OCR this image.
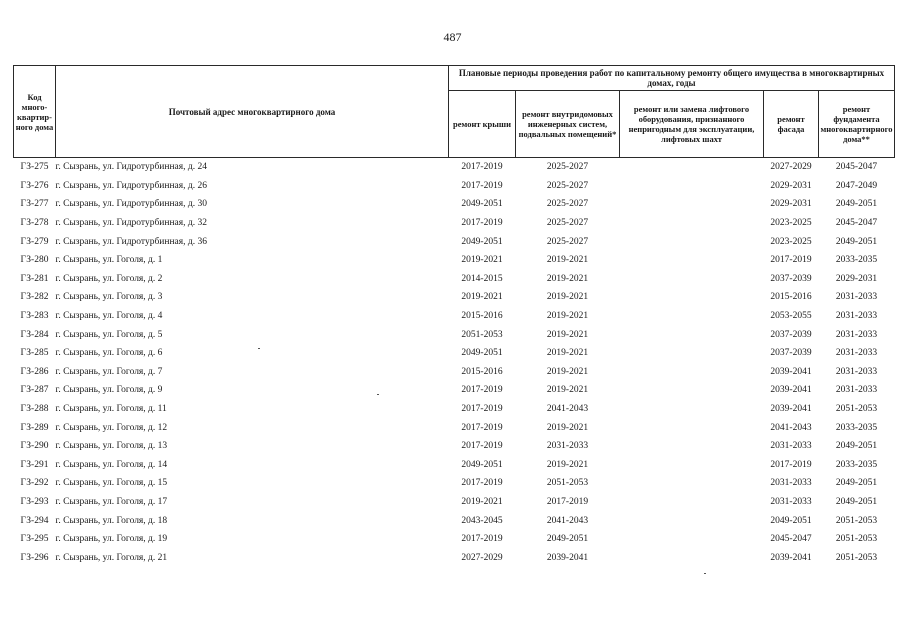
487
Код много-квартир-ного дома	Почтовый адрес многоквартирного дома	Плановые периоды проведения работ по капитальному ремонту общего имущества в многоквартирных домах, годы				
		ремонт крыши	ремонт внутридомовых инженерных систем, подвальных помещений*	ремонт или замена лифтового оборудования, признанного непригодным для эксплуатации, лифтовых шахт	ремонт фасада	ремонт фундамента многоквартирного дома**
ГЗ-275	г. Сызрань, ул. Гидротурбинная, д. 24	2017-2019	2025-2027		2027-2029	2045-2047
ГЗ-276	г. Сызрань, ул. Гидротурбинная, д. 26	2017-2019	2025-2027		2029-2031	2047-2049
ГЗ-277	г. Сызрань, ул. Гидротурбинная, д. 30	2049-2051	2025-2027		2029-2031	2049-2051
ГЗ-278	г. Сызрань, ул. Гидротурбинная, д. 32	2017-2019	2025-2027		2023-2025	2045-2047
ГЗ-279	г. Сызрань, ул. Гидротурбинная, д. 36	2049-2051	2025-2027		2023-2025	2049-2051
ГЗ-280	г. Сызрань, ул. Гоголя, д. 1	2019-2021	2019-2021		2017-2019	2033-2035
ГЗ-281	г. Сызрань, ул. Гоголя, д. 2	2014-2015	2019-2021		2037-2039	2029-2031
ГЗ-282	г. Сызрань, ул. Гоголя, д. 3	2019-2021	2019-2021		2015-2016	2031-2033
ГЗ-283	г. Сызрань, ул. Гоголя, д. 4	2015-2016	2019-2021		2053-2055	2031-2033
ГЗ-284	г. Сызрань, ул. Гоголя, д. 5	2051-2053	2019-2021		2037-2039	2031-2033
ГЗ-285	г. Сызрань, ул. Гоголя, д. 6	2049-2051	2019-2021		2037-2039	2031-2033
ГЗ-286	г. Сызрань, ул. Гоголя, д. 7	2015-2016	2019-2021		2039-2041	2031-2033
ГЗ-287	г. Сызрань, ул. Гоголя, д. 9	2017-2019	2019-2021		2039-2041	2031-2033
ГЗ-288	г. Сызрань, ул. Гоголя, д. 11	2017-2019	2041-2043		2039-2041	2051-2053
ГЗ-289	г. Сызрань, ул. Гоголя, д. 12	2017-2019	2019-2021		2041-2043	2033-2035
ГЗ-290	г. Сызрань, ул. Гоголя, д. 13	2017-2019	2031-2033		2031-2033	2049-2051
ГЗ-291	г. Сызрань, ул. Гоголя, д. 14	2049-2051	2019-2021		2017-2019	2033-2035
ГЗ-292	г. Сызрань, ул. Гоголя, д. 15	2017-2019	2051-2053		2031-2033	2049-2051
ГЗ-293	г. Сызрань, ул. Гоголя, д. 17	2019-2021	2017-2019		2031-2033	2049-2051
ГЗ-294	г. Сызрань, ул. Гоголя, д. 18	2043-2045	2041-2043		2049-2051	2051-2053
ГЗ-295	г. Сызрань, ул. Гоголя, д. 19	2017-2019	2049-2051		2045-2047	2051-2053
ГЗ-296	г. Сызрань, ул. Гоголя, д. 21	2027-2029	2039-2041		2039-2041	2051-2053
